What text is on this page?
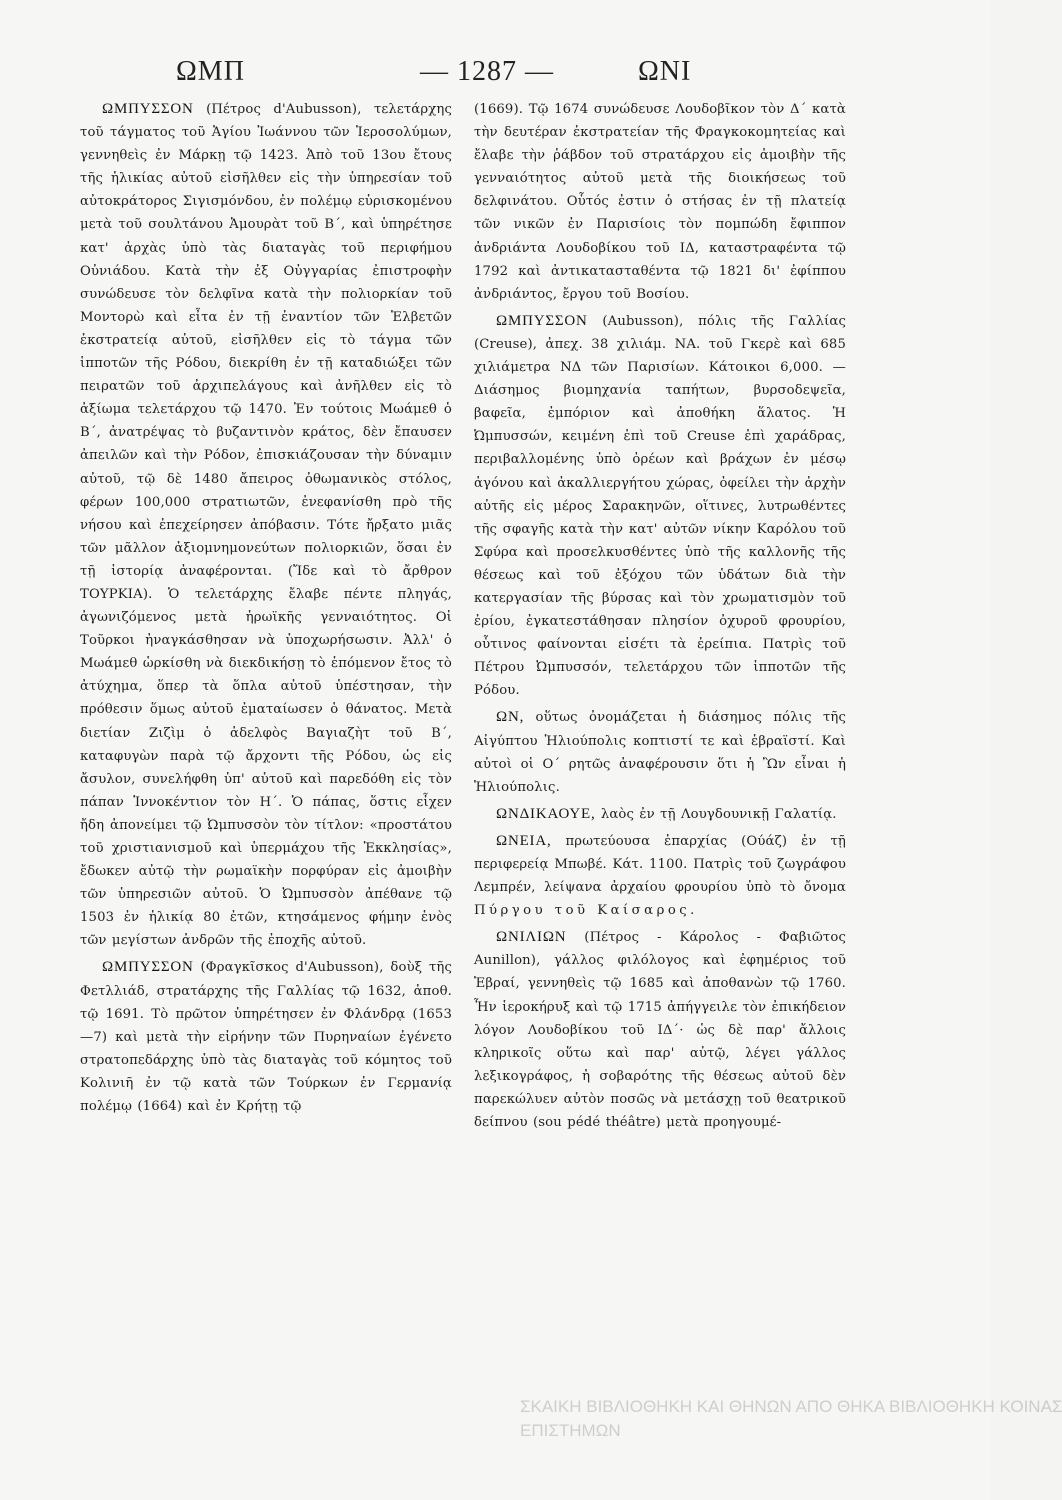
ΩΜΠ	— 1287 —	ΩΝΙ

ΩΜΠΥΣΣΟΝ (Πέτρος d'Aubusson), τελετάρχης τοῦ τάγματος τοῦ Ἁγίου Ἰωάννου τῶν Ἱεροσολύμων, γεννηθεὶς ἐν Μάρκῃ τῷ 1423. Ἀπὸ τοῦ 13ου ἔτους τῆς ἡλικίας αὐτοῦ εἰσῆλθεν εἰς τὴν ὑπηρεσίαν τοῦ αὐτοκράτορος Σιγισμόνδου, ἐν πολέμῳ εὑρισκομένου μετὰ τοῦ σουλτάνου Ἀμουρὰτ τοῦ Β΄, καὶ ὑπηρέτησε κατ' ἀρχὰς ὑπὸ τὰς διαταγὰς τοῦ περιφήμου Οὐνιάδου. Κατὰ τὴν ἐξ Οὐγγαρίας ἐπιστροφὴν συνώδευσε τὸν δελφῖνα κατὰ τὴν πολιορκίαν τοῦ Μοντορὼ καὶ εἶτα ἐν τῇ ἐναντίον τῶν Ἑλβετῶν ἐκστρατείᾳ αὐτοῦ, εἰσῆλθεν εἰς τὸ τάγμα τῶν ἱπποτῶν τῆς Ρόδου, διεκρίθη ἐν τῇ καταδιώξει τῶν πειρατῶν τοῦ ἀρχιπελάγους καὶ ἀνῆλθεν εἰς τὸ ἀξίωμα τελετάρχου τῷ 1470. Ἐν τούτοις Μωάμεθ ὁ Β΄, ἀνατρέψας τὸ βυζαντινὸν κράτος, δὲν ἔπαυσεν ἀπειλῶν καὶ τὴν Ρόδον, ἐπισκιάζουσαν τὴν δύναμιν αὐτοῦ, τῷ δὲ 1480 ἄπειρος ὀθωμανικὸς στόλος, φέρων 100,000 στρατιωτῶν, ἐνεφανίσθη πρὸ τῆς νήσου καὶ ἐπεχείρησεν ἀπόβασιν. Τότε ἤρξατο μιᾶς τῶν μᾶλλον ἀξιομνημονεύτων πολιορκιῶν, ὅσαι ἐν τῇ ἱστορίᾳ ἀναφέρονται. (Ἴδε καὶ τὸ ἄρθρον ΤΟΥΡΚΙΑ). Ὁ τελετάρχης ἔλαβε πέντε πληγάς, ἀγωνιζόμενος μετὰ ἡρωϊκῆς γενναιότητος. Οἱ Τοῦρκοι ἠναγκάσθησαν νὰ ὑποχωρήσωσιν. Ἀλλ' ὁ Μωάμεθ ὡρκίσθη νὰ διεκδικήσῃ τὸ ἑπόμενον ἔτος τὸ ἀτύχημα, ὅπερ τὰ ὅπλα αὐτοῦ ὑπέστησαν, τὴν πρόθεσιν ὅμως αὐτοῦ ἐματαίωσεν ὁ θάνατος. Μετὰ διετίαν Ζιζὶμ ὁ ἀδελφὸς Βαγιαζὴτ τοῦ Β΄, καταφυγὼν παρὰ τῷ ἄρχοντι τῆς Ρόδου, ὡς εἰς ἄσυλον, συνελήφθη ὑπ' αὐτοῦ καὶ παρεδόθη εἰς τὸν πάπαν Ἰννοκέντιον τὸν Η΄. Ὁ πάπας, ὅστις εἶχεν ἤδη ἀπονείμει τῷ Ὠμπυσσὸν τὸν τίτλον: «προστάτου τοῦ χριστιανισμοῦ καὶ ὑπερμάχου τῆς Ἐκκλησίας», ἔδωκεν αὐτῷ τὴν ρωμαϊκὴν πορφύραν εἰς ἀμοιβὴν τῶν ὑπηρεσιῶν αὐτοῦ. Ὁ Ὠμπυσσὸν ἀπέθανε τῷ 1503 ἐν ἡλικίᾳ 80 ἐτῶν, κτησάμενος φήμην ἑνὸς τῶν μεγίστων ἀνδρῶν τῆς ἐποχῆς αὐτοῦ.

ΩΜΠΥΣΣΟΝ (Φραγκῖσκος d'Aubusson), δοὺξ τῆς Φετλλιάδ, στρατάρχης τῆς Γαλλίας τῷ 1632, ἀποθ. τῷ 1691. Τὸ πρῶτον ὑπηρέτησεν ἐν Φλάνδρᾳ (1653—7) καὶ μετὰ τὴν εἰρήνην τῶν Πυρηναίων ἐγένετο στρατοπεδάρχης ὑπὸ τὰς διαταγὰς τοῦ κόμητος τοῦ Κολινιῆ ἐν τῷ κατὰ τῶν Τούρκων ἐν Γερμανίᾳ πολέμῳ (1664) καὶ ἐν Κρήτῃ τῷ

(1669). Τῷ 1674 συνώδευσε Λουδοβῖκον τὸν Δ΄ κατὰ τὴν δευτέραν ἐκστρατείαν τῆς Φραγκοκομητείας καὶ ἔλαβε τὴν ῥάβδον τοῦ στρατάρχου εἰς ἀμοιβὴν τῆς γενναιότητος αὐτοῦ μετὰ τῆς διοικήσεως τοῦ δελφινάτου. Οὗτός ἐστιν ὁ στήσας ἐν τῇ πλατείᾳ τῶν νικῶν ἐν Παρισίοις τὸν πομπώδη ἔφιππον ἀνδριάντα Λουδοβίκου τοῦ ΙΔ, καταστραφέντα τῷ 1792 καὶ ἀντικατασταθέντα τῷ 1821 δι' ἐφίππου ἀνδριάντος, ἔργου τοῦ Βοσίου.

ΩΜΠΥΣΣΟΝ (Aubusson), πόλις τῆς Γαλλίας (Creuse), ἀπεχ. 38 χιλιάμ. ΝΑ. τοῦ Γκερὲ καὶ 685 χιλιάμετρα ΝΔ τῶν Παρισίων. Κάτοικοι 6,000. — Διάσημος βιομηχανία ταπήτων, βυρσοδεψεῖα, βαφεῖα, ἐμπόριον καὶ ἀποθήκη ἅλατος. Ἡ Ὠμπυσσών, κειμένη ἐπὶ τοῦ Creuse ἐπὶ χαράδρας, περιβαλλομένης ὑπὸ ὀρέων καὶ βράχων ἐν μέσῳ ἀγόνου καὶ ἀκαλλιεργήτου χώρας, ὀφείλει τὴν ἀρχὴν αὐτῆς εἰς μέρος Σαρακηνῶν, οἵτινες, λυτρωθέντες τῆς σφαγῆς κατὰ τὴν κατ' αὐτῶν νίκην Καρόλου τοῦ Σφύρα καὶ προσελκυσθέντες ὑπὸ τῆς καλλονῆς τῆς θέσεως καὶ τοῦ ἐξόχου τῶν ὑδάτων διὰ τὴν κατεργασίαν τῆς βύρσας καὶ τὸν χρωματισμὸν τοῦ ἐρίου, ἐγκατεστάθησαν πλησίον ὀχυροῦ φρουρίου, οὗτινος φαίνονται εἰσέτι τὰ ἐρείπια. Πατρὶς τοῦ Πέτρου Ὠμπυσσόν, τελετάρχου τῶν ἱπποτῶν τῆς Ρόδου.

ΩΝ, οὕτως ὀνομάζεται ἡ διάσημος πόλις τῆς Αἰγύπτου Ἡλιούπολις κοπτιστί τε καὶ ἑβραϊστί. Καὶ αὐτοὶ οἱ Ο΄ ρητῶς ἀναφέρουσιν ὅτι ἡ Ὢν εἶναι ἡ Ἡλιούπολις.

ΩΝΔΙΚΑΟΥΕ, λαὸς ἐν τῇ Λουγδουνικῇ Γαλατίᾳ.

ΩΝΕΙΑ, πρωτεύουσα ἐπαρχίας (Ούάζ) ἐν τῇ περιφερείᾳ Μπωβέ. Κάτ. 1100. Πατρὶς τοῦ ζωγράφου Λεμπρέν, λείψανα ἀρχαίου φρουρίου ὑπὸ τὸ ὄνομα Πύργου τοῦ Καίσαρος.

ΩΝΙΛΙΩΝ (Πέτρος - Κάρολος - Φαβιῶτος Aunillon), γάλλος φιλόλογος καὶ ἐφημέριος τοῦ Ἐβραί, γεννηθεὶς τῷ 1685 καὶ ἀποθανὼν τῷ 1760. Ἦν ἱεροκήρυξ καὶ τῷ 1715 ἀπήγγειλε τὸν ἐπικήδειον λόγον Λουδοβίκου τοῦ ΙΔ΄· ὡς δὲ παρ' ἄλλοις κληρικοῖς οὕτω καὶ παρ' αὐτῷ, λέγει γάλλος λεξικογράφος, ἡ σοβαρότης τῆς θέσεως αὐτοῦ δὲν παρεκώλυεν αὐτὸν ποσῶς νὰ μετάσχῃ τοῦ θεατρικοῦ δείπνου (sou pédé théâtre) μετὰ προηγουμέ-

ΣΚΑΙΚΗ ΒΙΒΛΙΟΘΗΚΗ ΚΑΙ ΘΗΝΩΝ ΑΠΟ ΘΗΚΑ ΒΙΒΛΙΟΘΗΚΗ ΚΟΙΝΑΣ
ΕΠΙΣΤΗΜΩΝ
